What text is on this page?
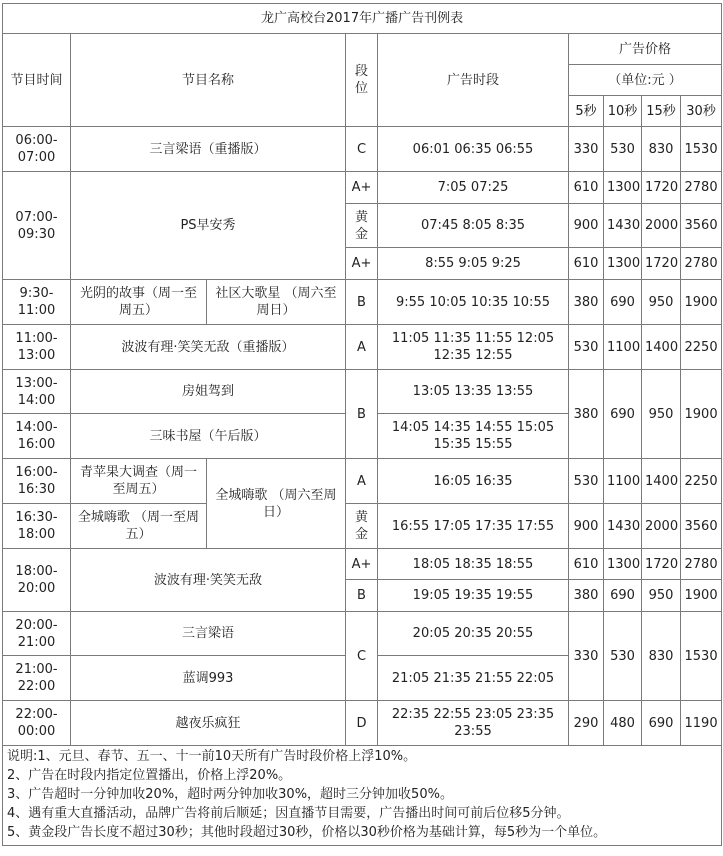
龙广高校台2017年广播广告刊例表								
节目时间	节目名称		段位	广告时段	广告价格			
					（单位:元 ）			
					5秒	10秒	15秒	30秒
06:00-07:00	三言梁语（重播版）		C	06:01 06:35 06:55	330	530	830	1530
07:00-09:30	PS早安秀		A+	7:05 07:25	610	1300	1720	2780
			黄金	07:45 8:05 8:35	900	1430	2000	3560
			A+	8:55 9:05 9:25	610	1300	1720	2780
9:30-11:00	光阴的故事（周一至周五）	社区大歌星 （周六至周日）	B	9:55 10:05 10:35 10:55	380	690	950	1900
11:00-13:00	波波有理·笑笑无敌（重播版）		A	11:05 11:35 11:55 12:05 12:35 12:55	530	1100	1400	2250
13:00-14:00	房姐驾到		B	13:05 13:35 13:55	380	690	950	1900
14:00-16:00	三味书屋（午后版）			14:05 14:35 14:55 15:05 15:35 15:55				
16:00-16:30	青苹果大调查（周一至周五）	全城嗨歌 （周六至周日）	A	16:05 16:35	530	1100	1400	2250
16:30-18:00	全城嗨歌 （周一至周五）		黄金	16:55 17:05 17:35 17:55	900	1430	2000	3560
18:00-20:00	波波有理·笑笑无敌		A+	18:05 18:35 18:55	610	1300	1720	2780
			B	19:05 19:35 19:55	380	690	950	1900
20:00-21:00	三言梁语		C	20:05 20:35 20:55	330	530	830	1530
21:00-22:00	蓝调993			21:05 21:35 21:55 22:05				
22:00-00:00	越夜乐疯狂		D	22:35 22:55 23:05 23:35 23:55	290	480	690	1190

说明:1、元旦、春节、五一、十一前10天所有广告时段价格上浮10%。
2、广告在时段内指定位置播出，价格上浮20%。
3、广告超时一分钟加收20%，超时两分钟加收30%，超时三分钟加收50%。
4、遇有重大直播活动，品牌广告将前后顺延；因直播节目需要，广告播出时间可前后位移5分钟。
5、黄金段广告长度不超过30秒；其他时段超过30秒，价格以30秒价格为基础计算，每5秒为一个单位。								
